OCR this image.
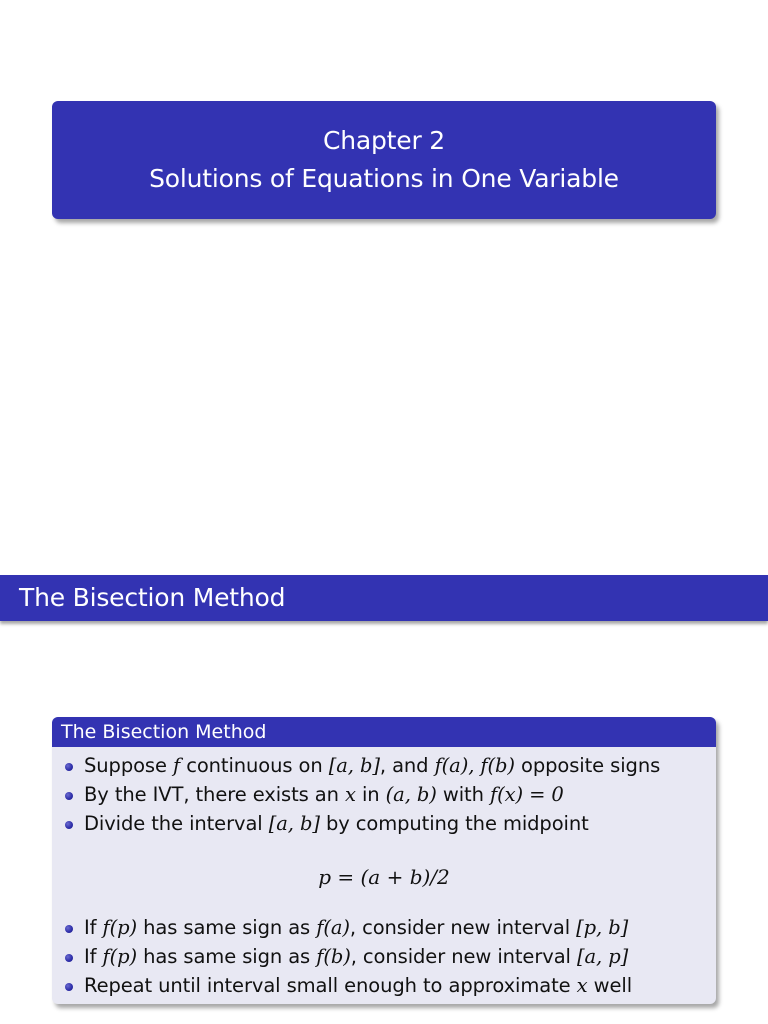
Chapter 2
Solutions of Equations in One Variable
The Bisection Method
The Bisection Method
Suppose f continuous on [a, b], and f(a), f(b) opposite signs
By the IVT, there exists an x in (a, b) with f(x) = 0
Divide the interval [a, b] by computing the midpoint
p = (a + b)/2
If f(p) has same sign as f(a), consider new interval [p, b]
If f(p) has same sign as f(b), consider new interval [a, p]
Repeat until interval small enough to approximate x well
